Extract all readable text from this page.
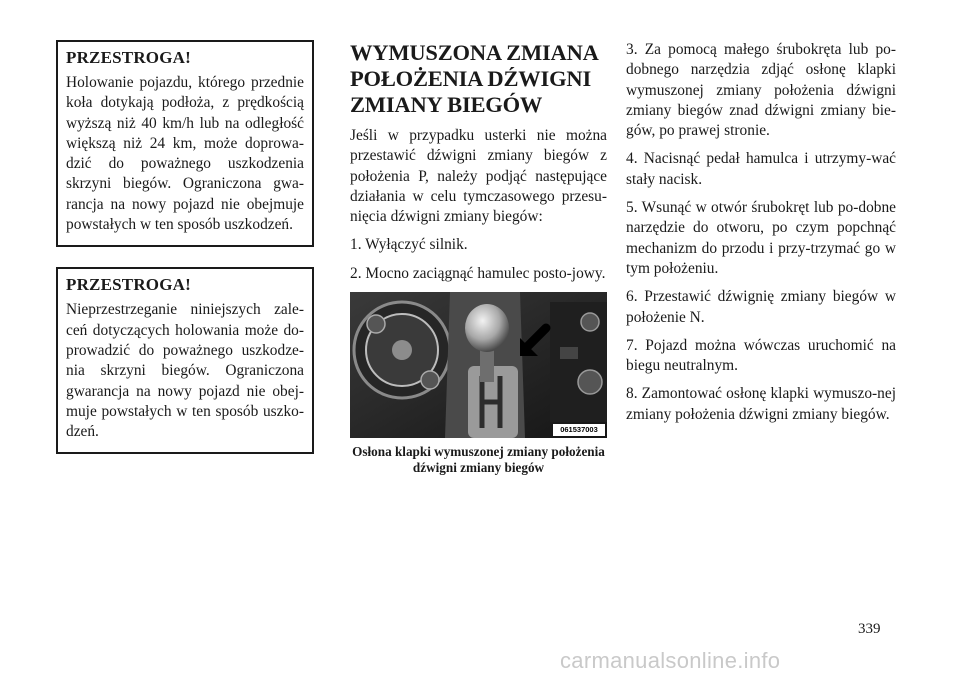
PRZESTROGA!

Holowanie pojazdu, którego przednie koła dotykają podłoża, z prędkością wyższą niż 40 km/h lub na odległość większą niż 24 km, może doprowa-dzić do poważnego uszkodzenia skrzyni biegów. Ograniczona gwa-rancja na nowy pojazd nie obejmuje powstałych w ten sposób uszkodzeń.

PRZESTROGA!

Nieprzestrzeganie niniejszych zale-ceń dotyczących holowania może do-prowadzić do poważnego uszkodze-nia skrzyni biegów. Ograniczona gwarancja na nowy pojazd nie obej-muje powstałych w ten sposób uszko-dzeń.

WYMUSZONA ZMIANA POŁOŻENIA DŹWIGNI ZMIANY BIEGÓW

Jeśli w przypadku usterki nie można przestawić dźwigni zmiany biegów z położenia P, należy podjąć następujące działania w celu tymczasowego przesu-nięcia dźwigni zmiany biegów:

1. Wyłączyć silnik.

2. Mocno zaciągnąć hamulec posto-jowy.

061537003
Osłona klapki wymuszonej zmiany położenia dźwigni zmiany biegów

3. Za pomocą małego śrubokręta lub po-dobnego narzędzia zdjąć osłonę klapki wymuszonej zmiany położenia dźwigni zmiany biegów znad dźwigni zmiany bie-gów, po prawej stronie.

4. Nacisnąć pedał hamulca i utrzymy-wać stały nacisk.

5. Wsunąć w otwór śrubokręt lub po-dobne narzędzie do otworu, po czym popchnąć mechanizm do przodu i przy-trzymać go w tym położeniu.

6. Przestawić dźwignię zmiany biegów w położenie N.

7. Pojazd można wówczas uruchomić na biegu neutralnym.

8. Zamontować osłonę klapki wymuszo-nej zmiany położenia dźwigni zmiany biegów.

339
carmanualsonline.info
